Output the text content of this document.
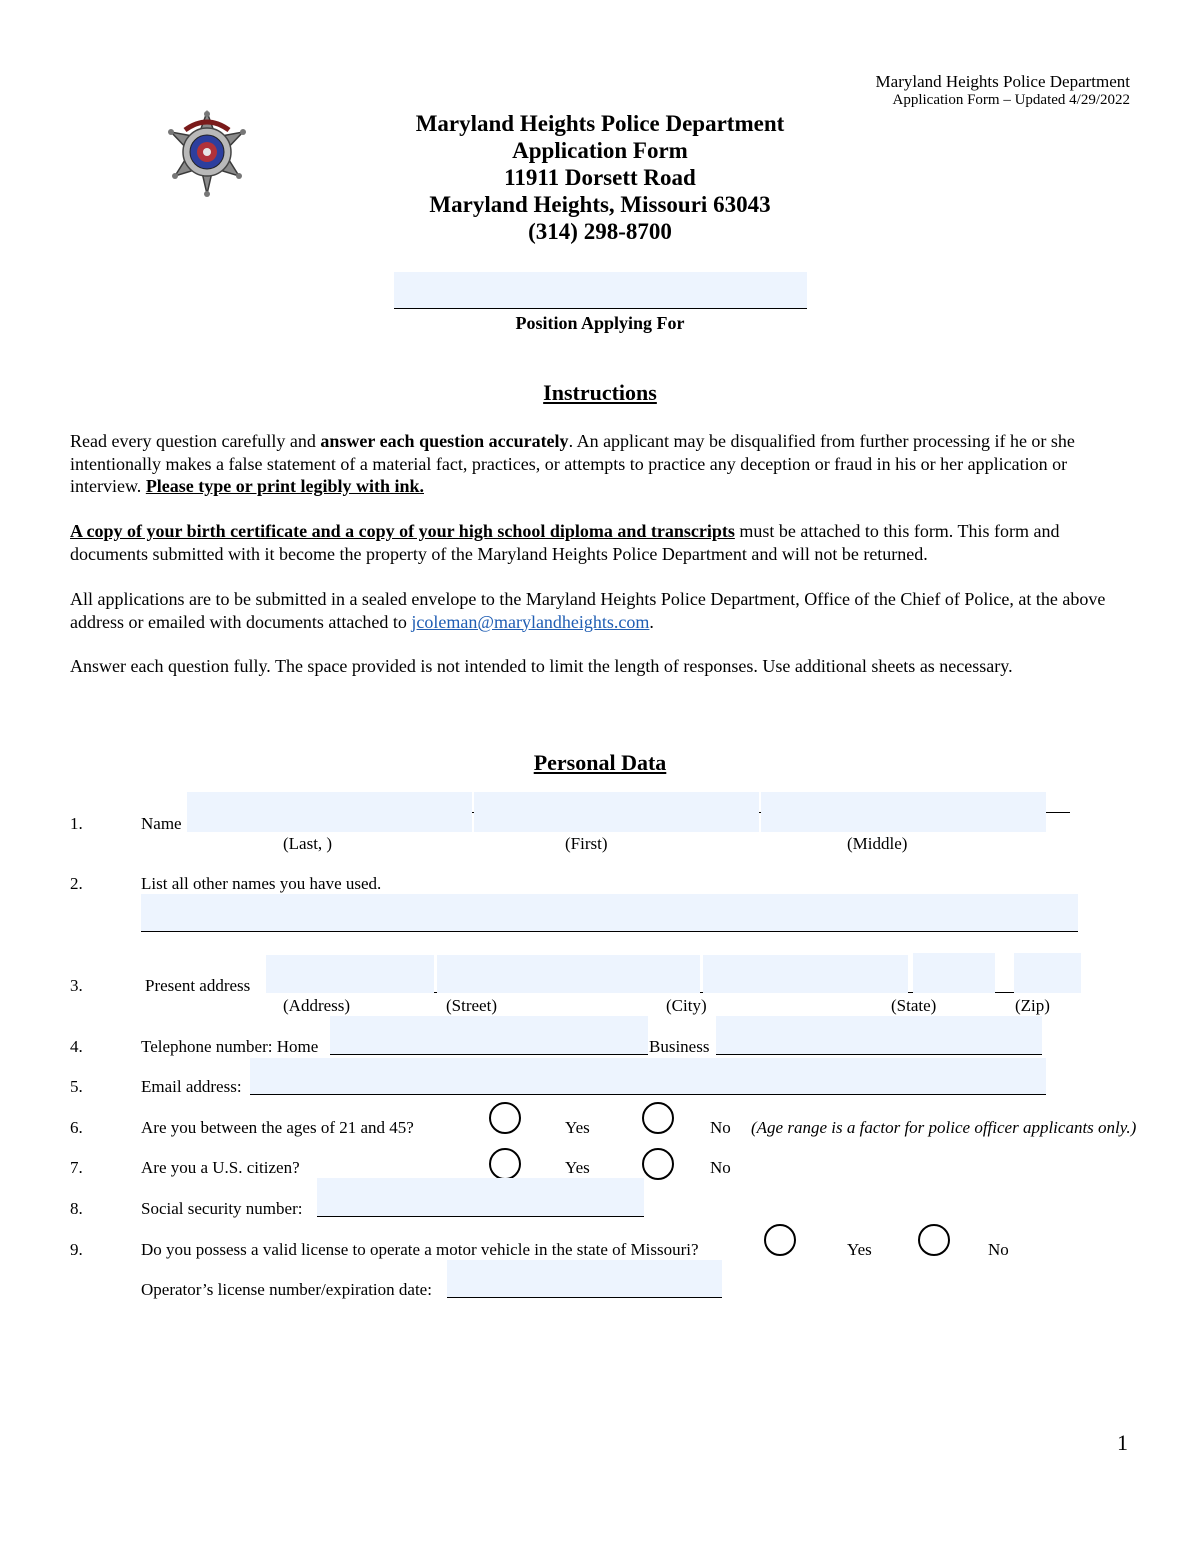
Maryland Heights Police Department
Application Form – Updated 4/29/2022
Maryland Heights Police Department
Application Form
11911 Dorsett Road
Maryland Heights, Missouri 63043
(314) 298-8700
Position Applying For
Instructions
Read every question carefully and answer each question accurately. An applicant may be disqualified from further processing if he or she intentionally makes a false statement of a material fact, practices, or attempts to practice any deception or fraud in his or her application or interview. Please type or print legibly with ink.
A copy of your birth certificate and a copy of your high school diploma and transcripts must be attached to this form. This form and documents submitted with it become the property of the Maryland Heights Police Department and will not be returned.
All applications are to be submitted in a sealed envelope to the Maryland Heights Police Department, Office of the Chief of Police, at the above address or emailed with documents attached to jcoleman@marylandheights.com.
Answer each question fully. The space provided is not intended to limit the length of responses. Use additional sheets as necessary.
Personal Data
1.	Name
(Last, )	(First)	(Middle)
2.	List all other names you have used.
3.	Present address
(Address)	(Street)	(City)	(State)	(Zip)
4.	Telephone number: Home	Business
5.	Email address:
6.	Are you between the ages of 21 and 45?	Yes	No (Age range is a factor for police officer applicants only.)
7.	Are you a U.S. citizen?	Yes	No
8.	Social security number:
9.	Do you possess a valid license to operate a motor vehicle in the state of Missouri?	Yes	No
Operator’s license number/expiration date:
1
